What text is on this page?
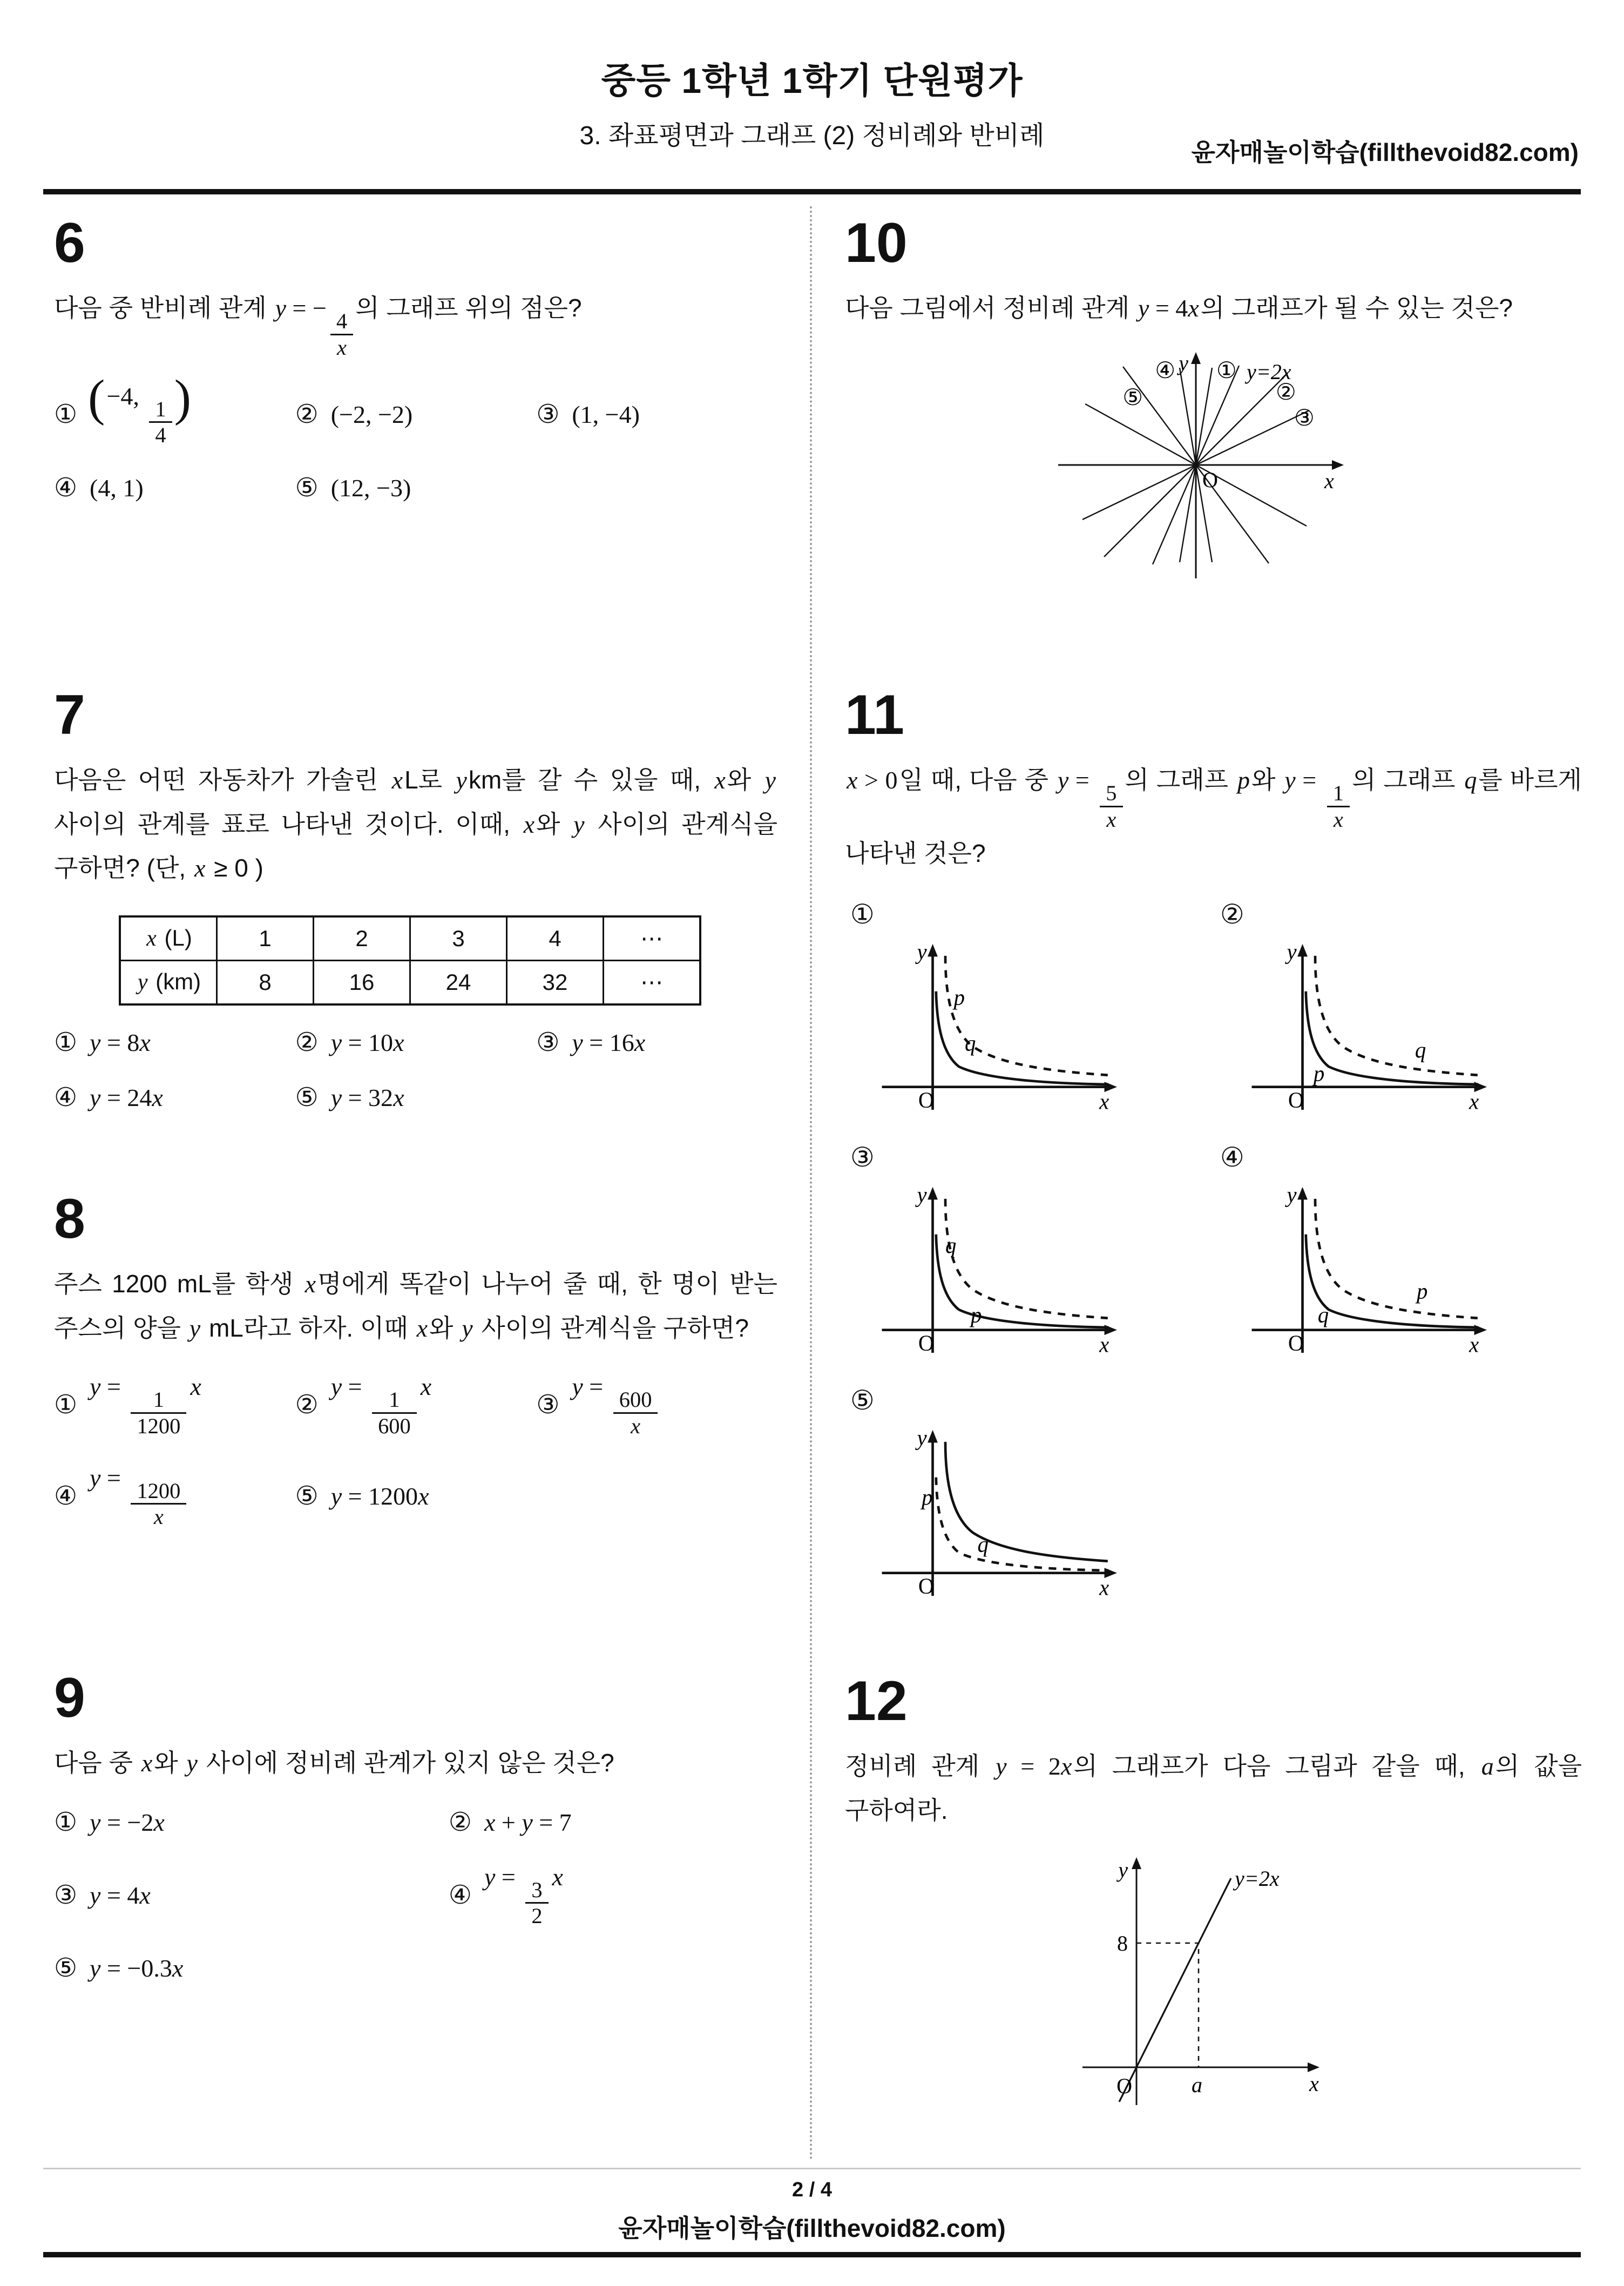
중등 1학년 1학기 단원평가
3. 좌표평면과 그래프 (2) 정비례와 반비례
윤자매놀이학습(fillthevoid82.com)
6
다음 중 반비례 관계 y = −
$\frac{4}{x}$
의 그래프 위의 점은?
① (−4,
$\frac{1}{4}$ )	② (−2, −2)	③ (1, −4)
④ (4, 1)	⑤ (12, −3)
7
다음은 어떤 자동차가 가솔린 xL로 ykm를 갈 수 있을 때, x와 y 사이의 관계를 표로 나타낸 것이다. 이때, x와 y 사이의 관계식을 구하면? (단, x ≥ 0 )
x (L)	1	2	3	4	⋯
y (km)	8	16	24	32	⋯
① y = 8x	② y = 10x	③ y = 16x
④ y = 24x	⑤ y = 32x
8
주스 1200 mL를 학생 x명에게 똑같이 나누어 줄 때, 한 명이 받는 주스의 양을 y mL라고 하자. 이때 x와 y 사이의 관계식을 구하면?
①
y =
$\frac{1}{1200}$
x
②
y =
$\frac{1}{600}$
x
③
y =
$\frac{600}{x}$
④
y =
$\frac{1200}{x}$	⑤ y = 1200x
9
다음 중 x와 y 사이에 정비례 관계가 있지 않은 것은?
① y = −2x	② x + y = 7
③ y = 4x	④
y =
$\frac{3}{2}$
x
⑤ y = −0.3x
10
다음 그림에서 정비례 관계 y = 4x의 그래프가 될 수 있는 것은?
y
x
O
④
⑤
① y=2x
②
③
11
x > 0일 때, 다음 중 y =
$\frac{5}{x}$
의 그래프 p와 y =
$\frac{1}{x}$
의 그래프 q를 바르게 나타낸 것은?
①
y
x
O
p
q
②
y
x
O
p
q
③
y
x
O
p
q
④
y
x
O
p
q
⑤
y
x
O
p
q
12
정비례 관계 y = 2x의 그래프가 다음 그림과 같을 때, a의 값을 구하여라.
y=2x
8
a
O	x
y
2 / 4
윤자매놀이학습(fillthevoid82.com)
